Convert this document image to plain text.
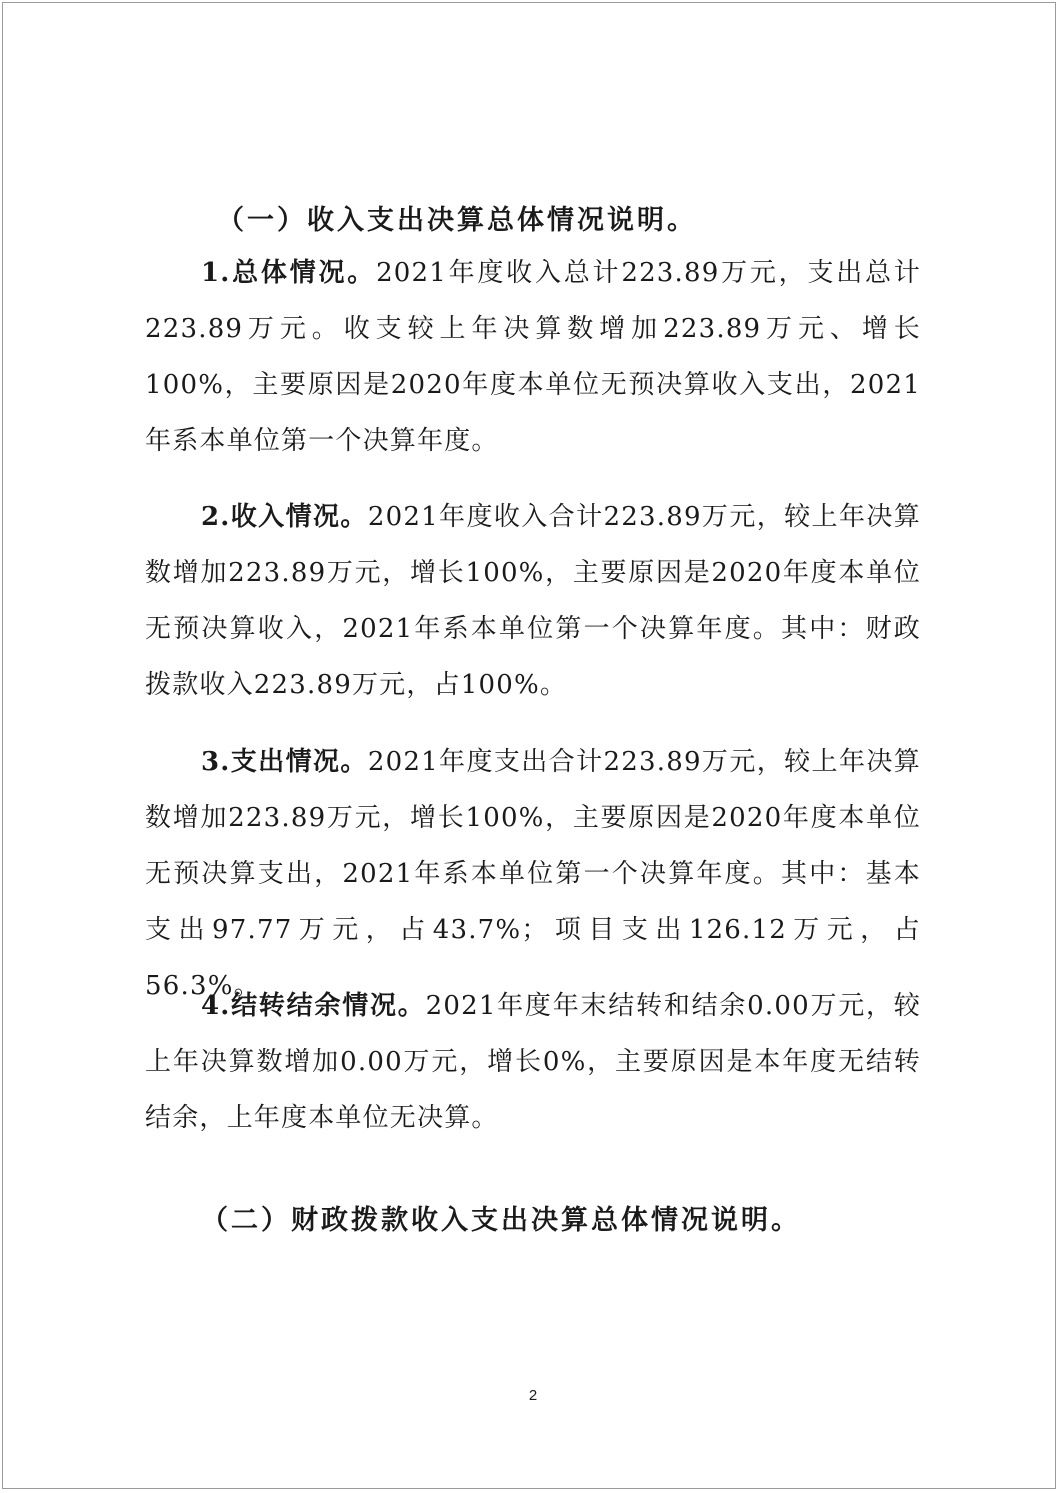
（一）收入支出决算总体情况说明。

1.总体情况。2021年度收入总计223.89万元，支出总计223.89万元。收支较上年决算数增加223.89万元、增长100%，主要原因是2020年度本单位无预决算收入支出，2021年系本单位第一个决算年度。

2.收入情况。2021年度收入合计223.89万元，较上年决算数增加223.89万元，增长100%，主要原因是2020年度本单位无预决算收入，2021年系本单位第一个决算年度。其中：财政拨款收入223.89万元，占100%。

3.支出情况。2021年度支出合计223.89万元，较上年决算数增加223.89万元，增长100%，主要原因是2020年度本单位无预决算支出，2021年系本单位第一个决算年度。其中：基本支出97.77万元，占43.7%；项目支出126.12万元，占56.3%。

4.结转结余情况。2021年度年末结转和结余0.00万元，较上年决算数增加0.00万元，增长0%，主要原因是本年度无结转结余，上年度本单位无决算。

（二）财政拨款收入支出决算总体情况说明。
2
